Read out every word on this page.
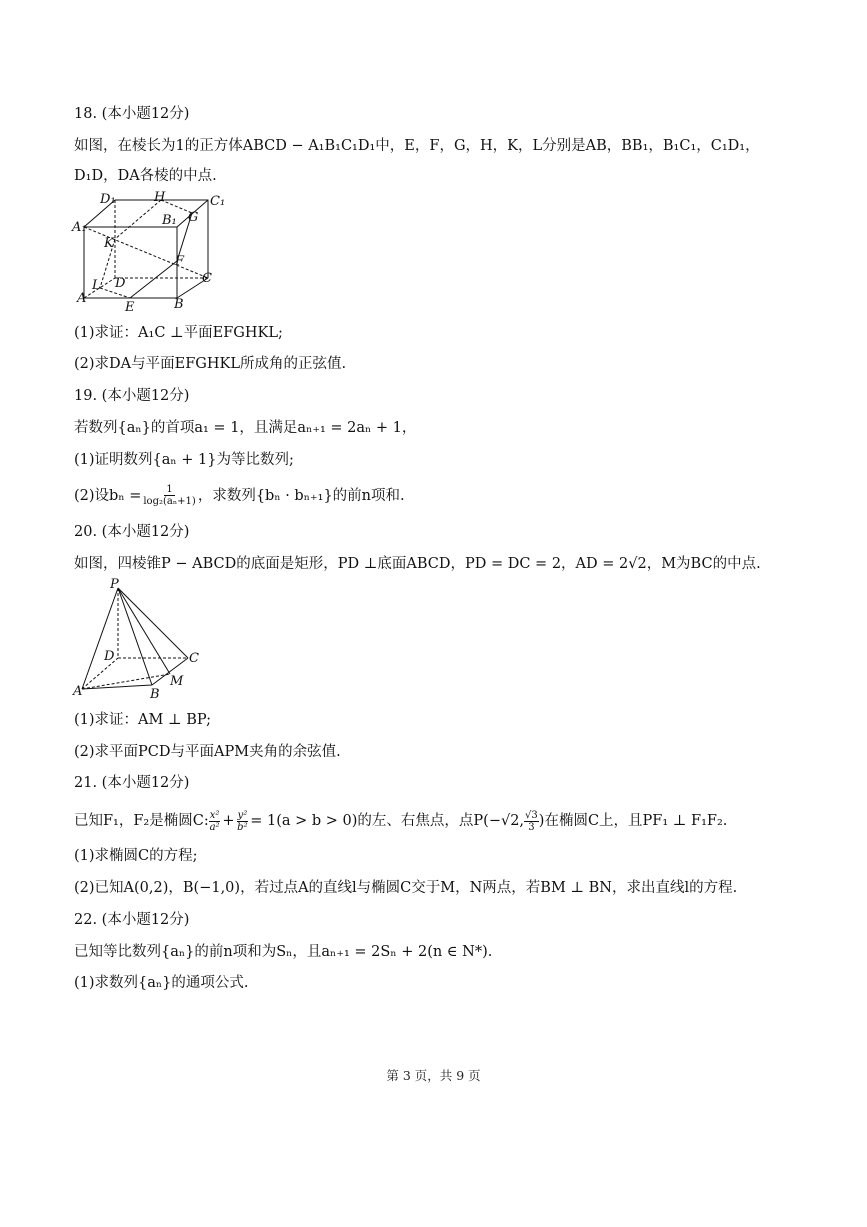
18. (本小题12分)
如图，在棱长为1的正方体ABCD − A₁B₁C₁D₁中，E，F，G，H，K，L分别是AB，BB₁，B₁C₁，C₁D₁，
D₁D，DA各棱的中点.
D₁	H	C₁
B₁ G
A₁
K
F
C
L D
A
E	B
(1)求证：A₁C ⊥平面EFGHKL;
(2)求DA与平面EFGHKL所成角的正弦值.
19. (本小题12分)
若数列{aₙ}的首项a₁ = 1，且满足aₙ₊₁ = 2aₙ + 1，
(1)证明数列{aₙ + 1}为等比数列;
(2)设$b_n = \frac{1}{\text{log₂(aₙ+1)}}$ ，求数列{bₙ · bₙ₊₁}的前n项和.
20. (本小题12分)
如图，四棱锥P − ABCD的底面是矩形，PD ⊥底面ABCD，PD = DC = 2，AD = 2√2，M为BC的中点.
P
D	C
M
A	B
(1)求证：AM ⊥ BP;
(2)求平面PCD与平面APM夹角的余弦值.
21. (本小题12分)
已知F₁，F₂是椭圆C: $\frac{\text{x²}}{\text{a²}} + \frac{\text{y²}}{\text{b²}} = 1(a > b > 0)$的左、右焦点，点P(−√2, $\frac{√3}{3}$ )在椭圆C上，且PF₁ ⊥ F₁F₂.
(1)求椭圆C的方程;
(2)已知A(0,2)，B(−1,0)，若过点A的直线l与椭圆C交于M，N两点，若BM ⊥ BN，求出直线l的方程.
22. (本小题12分)
已知等比数列{aₙ}的前n项和为Sₙ，且aₙ₊₁ = 2Sₙ + 2(n ∈ N*).
(1)求数列{aₙ}的通项公式.
第 3 页，共 9 页
